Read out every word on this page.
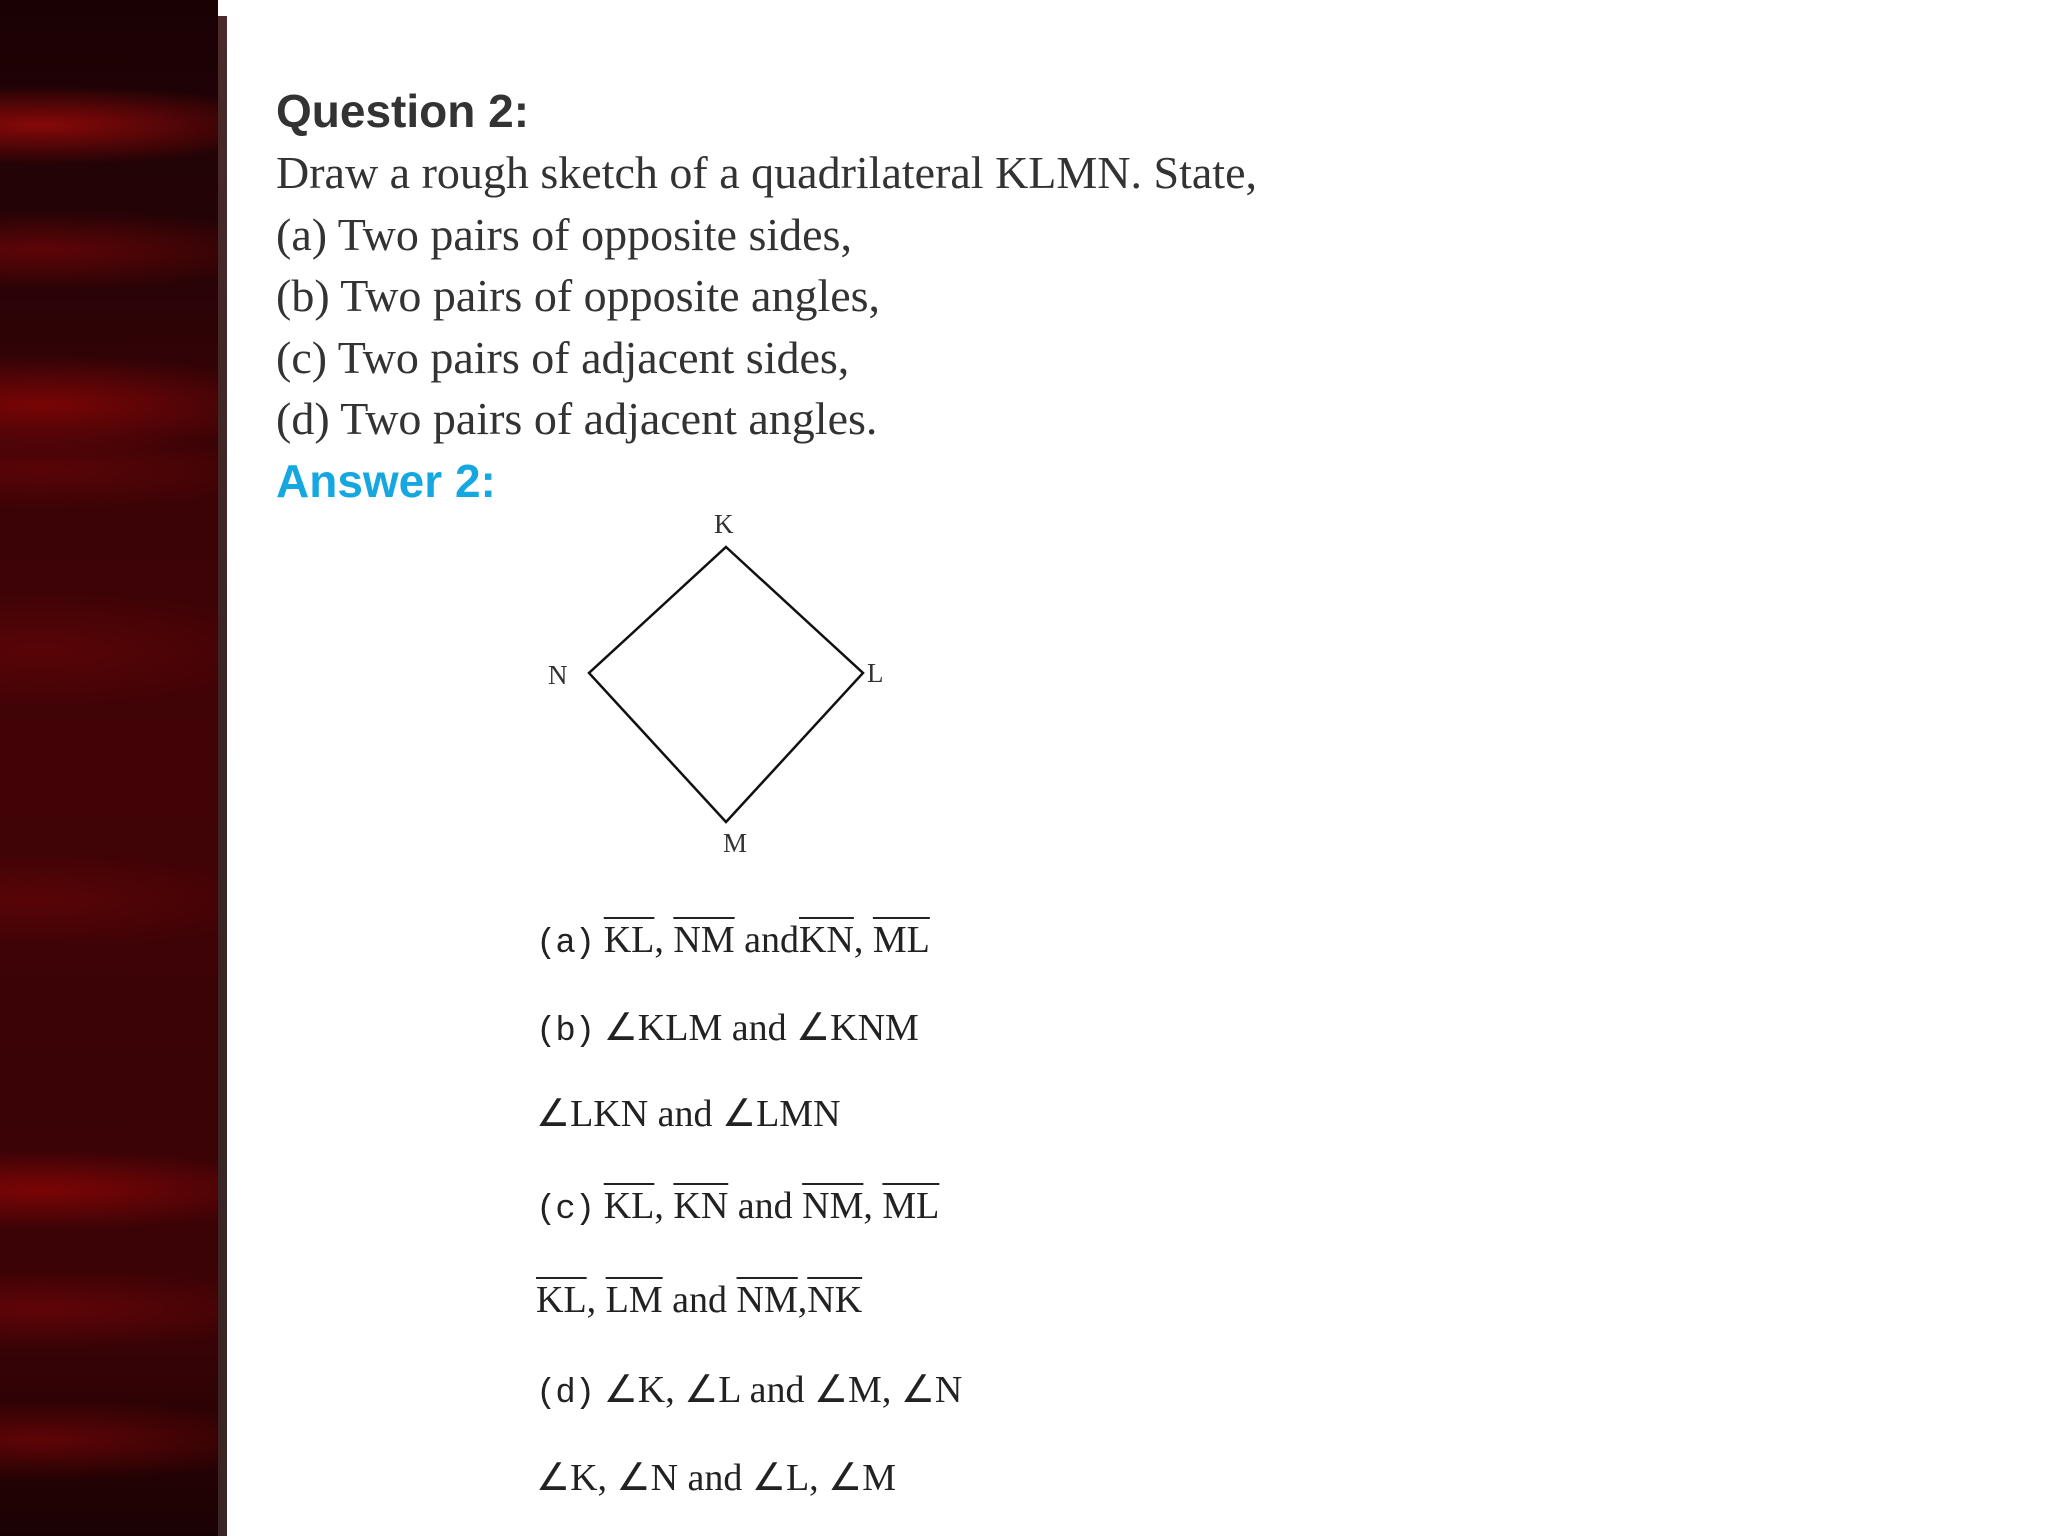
Question 2:

Draw a rough sketch of a quadrilateral KLMN. State,

(a) Two pairs of opposite sides,

(b) Two pairs of opposite angles,

(c) Two pairs of adjacent sides,

(d) Two pairs of adjacent angles.

Answer 2:

K
L
M
N
(a) $\overline{KL}$, $\overline{NM}$ $and\overline{KN}$, $\overline{ML}$
(b) ∠KLM and ∠KNM
∠LKN and ∠LMN
(c) $\overline{KL}$, $\overline{KN}$ and $\overline{NM}$, $\overline{ML}$
$\overline{KL}$, $\overline{LM}$ and $\overline{NM},\overline{NK}$
(d) ∠K, ∠L and ∠M, ∠N
∠K, ∠N and ∠L, ∠M
